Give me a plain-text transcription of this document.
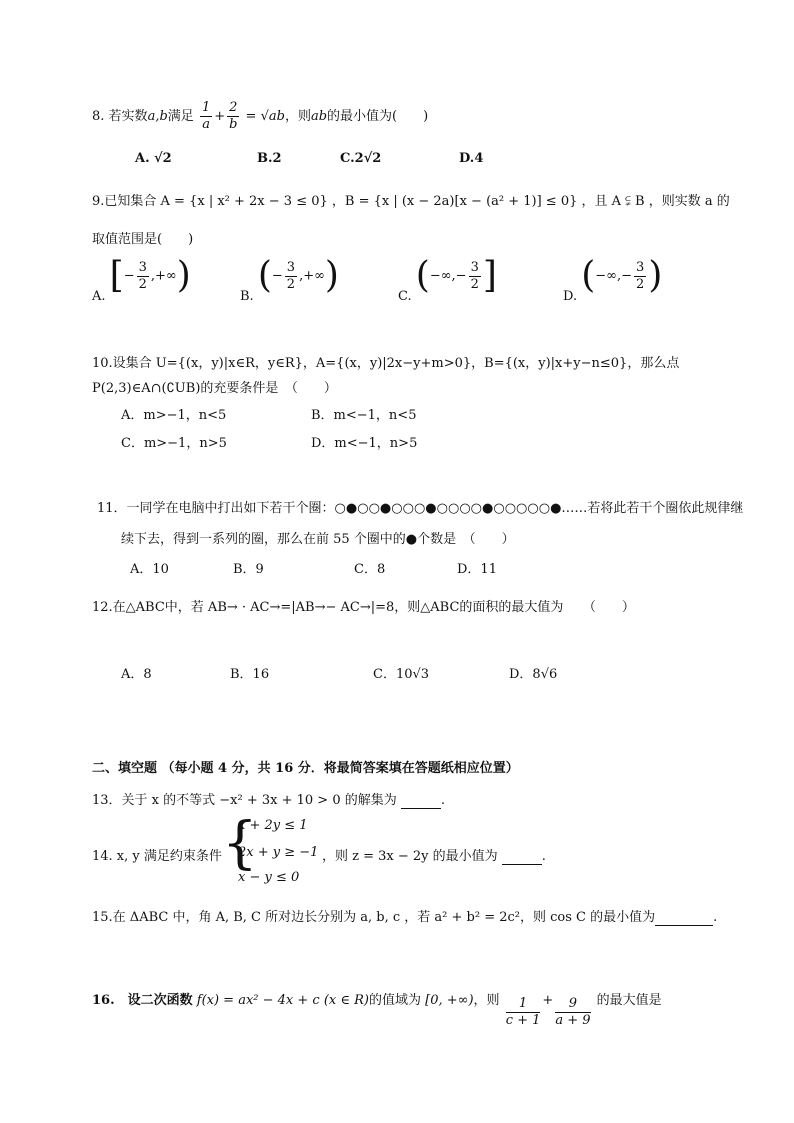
8. 若实数a,b满足 $\frac{1}{a} + \frac{2}{b} = √ab$，则ab的最小值为(　　)
A. √2	B.2	C.2√2	D.4
9.已知集合 A = {x | x² + 2x − 3 ≤ 0} ，B = {x | (x − 2a)[x − (a² + 1)] ≤ 0} ，且 A ⫋ B ，则实数 a 的
取值范围是(　　)
A. [− $\frac{3}{2}$ ,+∞)	B. (− $\frac{3}{2}$ ,+∞)	C. (−∞,− $\frac{3}{2}$ ]	D. (−∞,− $\frac{3}{2}$ )
10.设集合 U={(x，y)|x∈R，y∈R}，A={(x，y)|2x−y+m>0}，B={(x，y)|x+y−n≤0}，那么点
P(2,3)∈A∩(∁UB)的充要条件是　（　　）
A．m>−1，n<5	B．m<−1，n<5
C．m>−1，n>5	D．m<−1，n>5
11．一同学在电脑中打出如下若干个圈：○●○○●○○○●○○○○●○○○○○●……若将此若干个圈依此规律继
续下去，得到一系列的圈，那么在前 55 个圈中的●个数是　（　　）
A．10	B．9	C．8	D．11
12.在△ABC中，若 AB→ · AC→=|AB→− AC→|=8，则△ABC的面积的最大值为　　（　　）
A．8	B．16	C．10√3	D．8√6
二、填空题 （每小题 4 分，共 16 分．将最简答案填在答题纸相应位置）
13．关于 x 的不等式 −x² + 3x + 10 > 0 的解集为	.
14. x, y 满足约束条件 {
x + 2y ≤ 1
2x + y ≥ −1
x − y ≤ 0
，则 z = 3x − 2y 的最小值为	.
15.在 ΔABC 中，角 A, B, C 所对边长分别为 a, b, c ，若 a² + b² = 2c²，则 cos C 的最小值为	.
16.　设二次函数 f(x) = ax² − 4x + c (x ∈ R)的值域为 [0, +∞)，则 $\frac{1}{c + 1} + \frac{9}{a + 9}$ 的最大值是
